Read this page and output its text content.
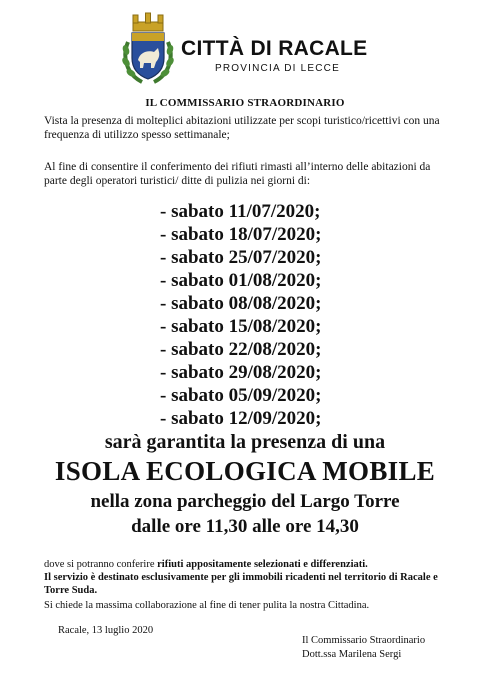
CITTÀ DI RACALE
PROVINCIA DI LECCE
IL COMMISSARIO STRAORDINARIO
Vista la presenza di molteplici abitazioni utilizzate per scopi turistico/ricettivi con una frequenza di utilizzo spesso settimanale;
Al fine di consentire il conferimento dei rifiuti rimasti all’interno delle abitazioni da parte degli operatori turistici/ ditte di pulizia nei giorni di:
- sabato 11/07/2020;
- sabato 18/07/2020;
- sabato 25/07/2020;
- sabato 01/08/2020;
- sabato 08/08/2020;
- sabato 15/08/2020;
- sabato 22/08/2020;
- sabato 29/08/2020;
- sabato 05/09/2020;
- sabato 12/09/2020;
sarà garantita la presenza di una
ISOLA ECOLOGICA MOBILE
nella zona parcheggio del Largo Torre
dalle ore 11,30 alle ore 14,30
dove si potranno conferire rifiuti appositamente selezionati e differenziati.
Il servizio è destinato esclusivamente per gli immobili ricadenti nel territorio di Racale e Torre Suda.
Si chiede la massima collaborazione al fine di tener pulita la nostra Cittadina.
Racale, 13 luglio 2020
Il Commissario Straordinario
Dott.ssa Marilena Sergi
